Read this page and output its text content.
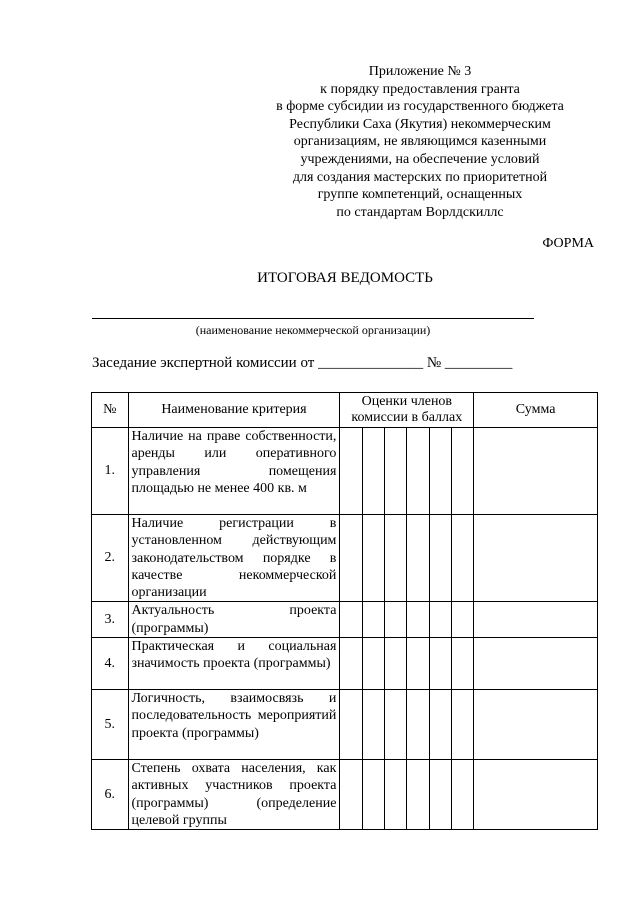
Приложение № 3
к порядку предоставления гранта
в форме субсидии из государственного бюджета
Республики Саха (Якутия) некоммерческим
организациям, не являющимся казенными
учреждениями, на обеспечение условий
для создания мастерских по приоритетной
группе компетенций, оснащенных
по стандартам Ворлдскиллс
ФОРМА
ИТОГОВАЯ ВЕДОМОСТЬ
(наименование некоммерческой организации)
Заседание экспертной комиссии от ______________ № _________
№	Наименование критерия	Оценки членов комиссии в баллах						Сумма
1.	Наличие на праве собственности, аренды или оперативного управления помещения площадью не менее 400 кв. м							
2.	Наличие регистрации в установленном действующим законодательством порядке в качестве некоммерческой организации							
3.	Актуальность проекта (программы)							
4.	Практическая и социальная значимость проекта (программы)							
5.	Логичность, взаимосвязь и последовательность мероприятий проекта (программы)							
6.	Степень охвата населения, как активных участников проекта (программы) (определение целевой группы							
